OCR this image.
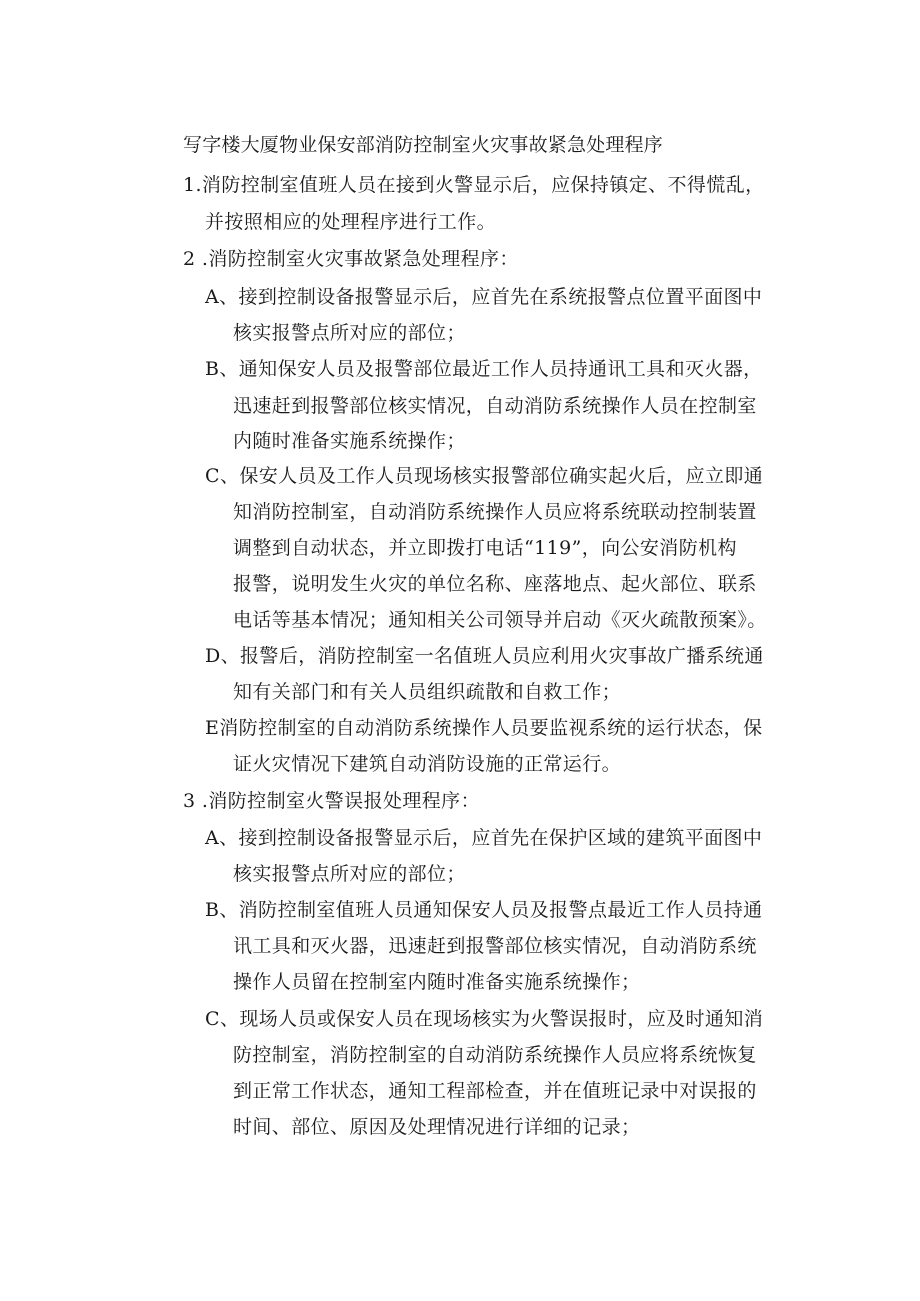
写字楼大厦物业保安部消防控制室火灾事故紧急处理程序
1.消防控制室值班人员在接到火警显示后，应保持镇定、不得慌乱，
并按照相应的处理程序进行工作。
2 .消防控制室火灾事故紧急处理程序：
A、接到控制设备报警显示后，应首先在系统报警点位置平面图中
核实报警点所对应的部位；
B、通知保安人员及报警部位最近工作人员持通讯工具和灭火器，
迅速赶到报警部位核实情况，自动消防系统操作人员在控制室
内随时准备实施系统操作；
C、保安人员及工作人员现场核实报警部位确实起火后，应立即通
知消防控制室，自动消防系统操作人员应将系统联动控制装置
调整到自动状态，并立即拨打电话“119”，向公安消防机构
报警，说明发生火灾的单位名称、座落地点、起火部位、联系
电话等基本情况；通知相关公司领导并启动《灭火疏散预案》。
D、报警后，消防控制室一名值班人员应利用火灾事故广播系统通
知有关部门和有关人员组织疏散和自救工作；
E消防控制室的自动消防系统操作人员要监视系统的运行状态，保
证火灾情况下建筑自动消防设施的正常运行。
3 .消防控制室火警误报处理程序：
A、接到控制设备报警显示后，应首先在保护区域的建筑平面图中
核实报警点所对应的部位；
B、消防控制室值班人员通知保安人员及报警点最近工作人员持通
讯工具和灭火器，迅速赶到报警部位核实情况，自动消防系统
操作人员留在控制室内随时准备实施系统操作；
C、现场人员或保安人员在现场核实为火警误报时，应及时通知消
防控制室，消防控制室的自动消防系统操作人员应将系统恢复
到正常工作状态，通知工程部检查，并在值班记录中对误报的
时间、部位、原因及处理情况进行详细的记录；
